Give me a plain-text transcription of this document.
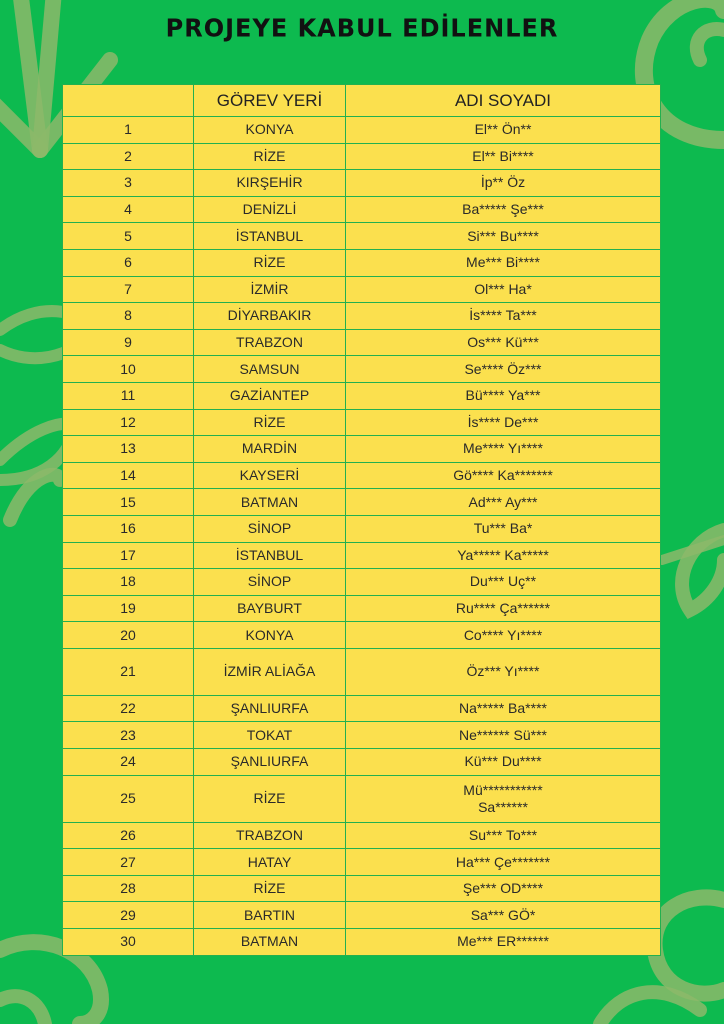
PROJEYE KABUL EDİLENLER
	GÖREV YERİ	ADI SOYADI
1	KONYA	El** Ön**
2	RİZE	El** Bi****
3	KIRŞEHİR	İp** Öz
4	DENİZLİ	Ba***** Şe***
5	İSTANBUL	Si*** Bu****
6	RİZE	Me*** Bi****
7	İZMİR	Ol*** Ha*
8	DİYARBAKIR	İs**** Ta***
9	TRABZON	Os*** Kü***
10	SAMSUN	Se**** Öz***
11	GAZİANTEP	Bü**** Ya***
12	RİZE	İs**** De***
13	MARDİN	Me**** Yı****
14	KAYSERİ	Gö**** Ka*******
15	BATMAN	Ad*** Ay***
16	SİNOP	Tu*** Ba*
17	İSTANBUL	Ya***** Ka*****
18	SİNOP	Du*** Uç**
19	BAYBURT	Ru**** Ça******
20	KONYA	Co**** Yı****
21	İZMİR ALİAĞA	Öz*** Yı****
22	ŞANLIURFA	Na***** Ba****
23	TOKAT	Ne****** Sü***
24	ŞANLIURFA	Kü*** Du****
25	RİZE	Mü*********** Sa******
26	TRABZON	Su*** To***
27	HATAY	Ha*** Çe*******
28	RİZE	Şe*** OD****
29	BARTIN	Sa*** GÖ*
30	BATMAN	Me*** ER******
